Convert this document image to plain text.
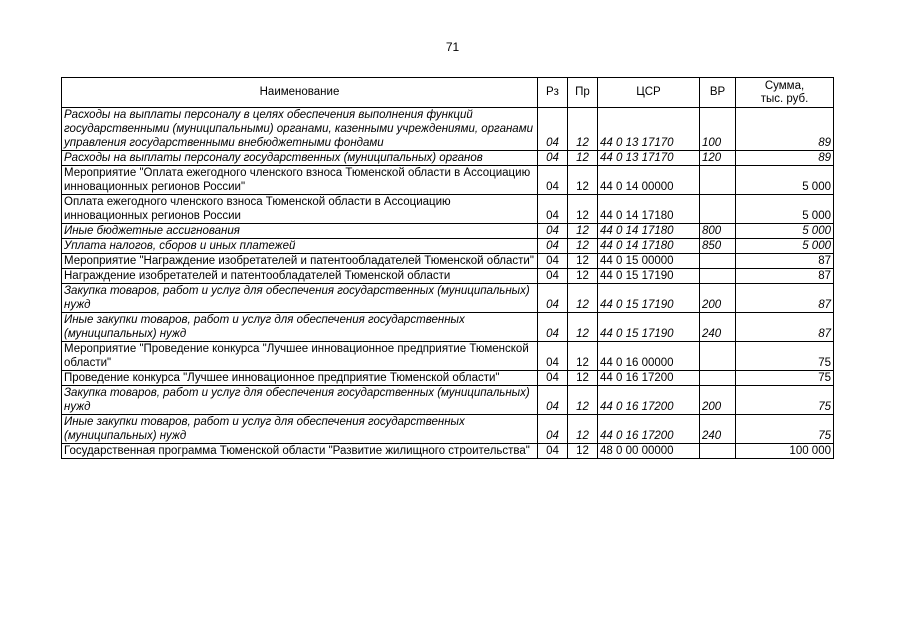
71
Наименование	Рз	Пр	ЦСР	ВР	Сумма,
тыс. руб.
Расходы на выплаты персоналу в целях обеспечения выполнения функций государственными (муниципальными) органами, казенными учреждениями, органами управления государственными внебюджетными фондами	04	12	44 0 13 17170	100	89
Расходы на выплаты персоналу государственных (муниципальных) органов	04	12	44 0 13 17170	120	89
Мероприятие "Оплата ежегодного членского взноса Тюменской области в Ассоциацию инновационных регионов России"	04	12	44 0 14 00000		5 000
Оплата ежегодного членского взноса Тюменской области в Ассоциацию инновационных регионов России	04	12	44 0 14 17180		5 000
Иные бюджетные ассигнования	04	12	44 0 14 17180	800	5 000
Уплата налогов, сборов и иных платежей	04	12	44 0 14 17180	850	5 000
Мероприятие "Награждение изобретателей и патентообладателей Тюменской области"	04	12	44 0 15 00000		87
Награждение изобретателей и патентообладателей Тюменской области	04	12	44 0 15 17190		87
Закупка товаров, работ и услуг для обеспечения государственных (муниципальных) нужд	04	12	44 0 15 17190	200	87
Иные закупки товаров, работ и услуг для обеспечения государственных (муниципальных) нужд	04	12	44 0 15 17190	240	87
Мероприятие "Проведение конкурса "Лучшее инновационное предприятие Тюменской области"	04	12	44 0 16 00000		75
Проведение конкурса "Лучшее инновационное предприятие Тюменской области"	04	12	44 0 16 17200		75
Закупка товаров, работ и услуг для обеспечения государственных (муниципальных) нужд	04	12	44 0 16 17200	200	75
Иные закупки товаров, работ и услуг для обеспечения государственных (муниципальных) нужд	04	12	44 0 16 17200	240	75
Государственная программа Тюменской области "Развитие жилищного строительства"	04	12	48 0 00 00000		100 000
